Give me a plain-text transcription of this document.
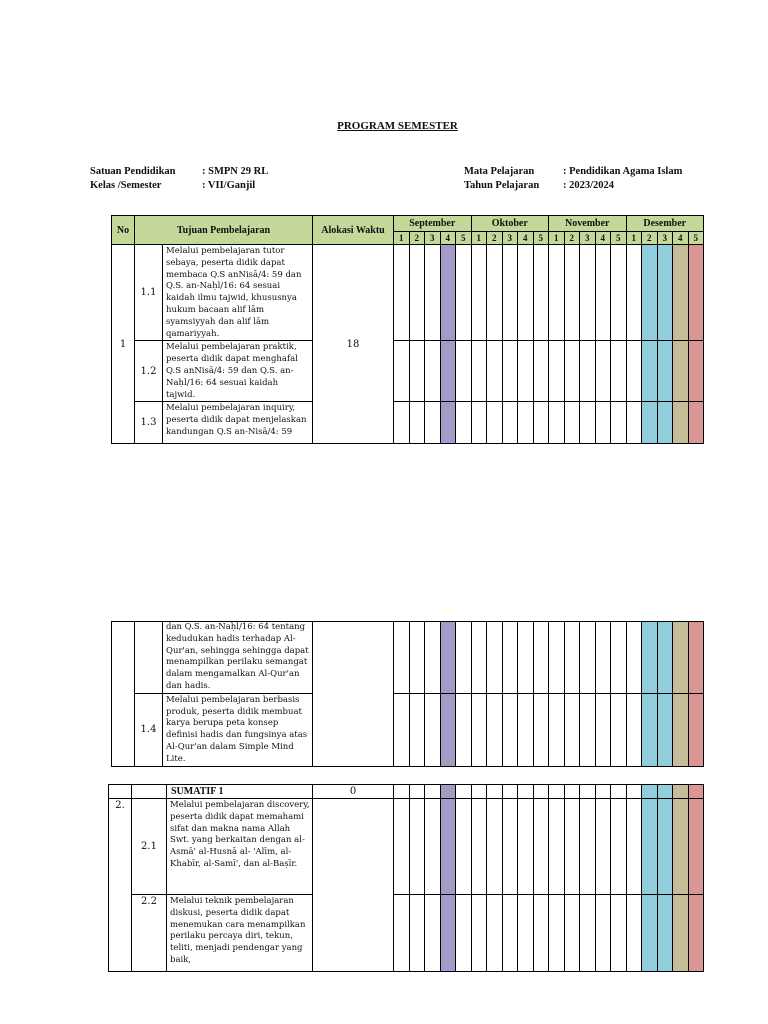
PROGRAM SEMESTER
Satuan Pendidikan	: SMPN 29 RL
Kelas /Semester	: VII/Ganjil
Mata Pelajaran	: Pendidikan Agama Islam
Tahun Pelajaran : 2023/2024
No	Tujuan Pembelajaran		Alokasi Waktu	September					Oktober					November					Desember				
				1	2	3	4	5	1	2	3	4	5	1	2	3	4	5	1	2	3	4	5
1	1.1	Melalui pembelajaran tutor sebaya, peserta didik dapat membaca Q.S anNisā/4: 59 dan Q.S. an-Naḥl/16: 64 sesuai kaidah ilmu tajwid, khususnya hukum bacaan alif lām syamsiyyah dan alif lām qamariyyah.	18																				
	1.2	Melalui pembelajaran praktik, peserta didik dapat menghafal Q.S anNisā/4: 59 dan Q.S. an-Naḥl/16: 64 sesuai kaidah tajwid.																					
	1.3	Melalui pembelajaran inquiry, peserta didik dapat menjelaskan kandungan Q.S an-Nisā/4: 59																					
		dan Q.S. an-Naḥl/16: 64 tentang kedudukan hadis terhadap Al-Qur'an, sehingga sehingga dapat menampilkan perilaku semangat dalam mengamalkan Al-Qur'an dan hadis.																					
	1.4	Melalui pembelajaran berbasis produk, peserta didik membuat karya berupa peta konsep definisi hadis dan fungsinya atas Al-Qur'an dalam Simple Mind Lite.																					
		SUMATIF 1	0																				
2.	2.1	Melalui pembelajaran discovery, peserta didik dapat memahami sifat dan makna nama Allah Swt. yang berkaitan dengan al-Asmā' al-Husnā al- 'Alīm, al- Khabīr, al-Samī', dan al-Baṣīr.																					
	2.2	Melalui teknik pembelajaran diskusi, peserta didik dapat menemukan cara menampilkan perilaku percaya diri, tekun, teliti, menjadi pendengar yang baik,																					
